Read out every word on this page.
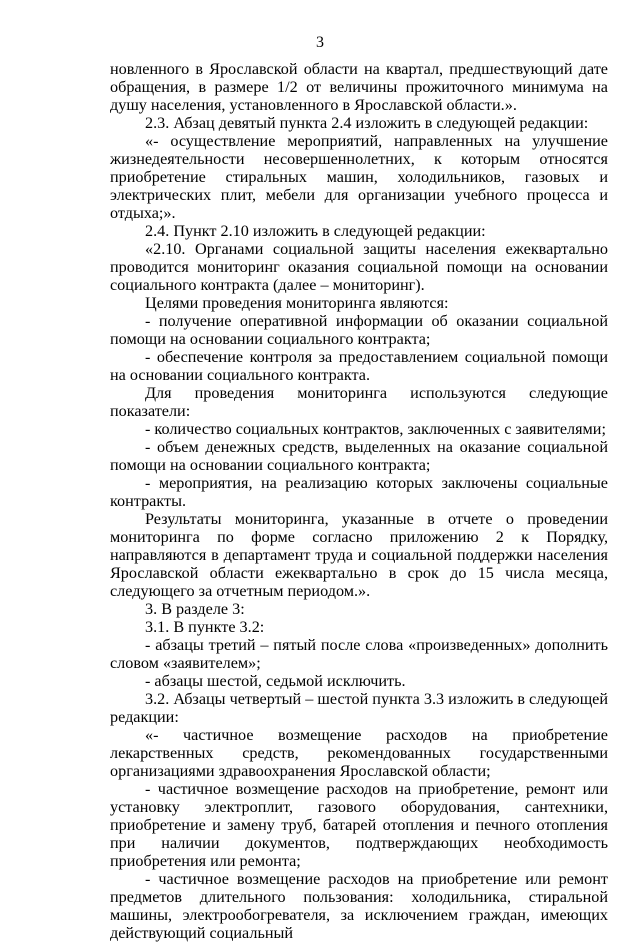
3

новленного в Ярославской области на квартал, предшествующий дате обращения, в размере 1/2 от величины прожиточного минимума на душу населения, установленного в Ярославской области.».

2.3. Абзац девятый пункта 2.4 изложить в следующей редакции:

«- осуществление мероприятий, направленных на улучшение жизнедеятельности несовершеннолетних, к которым относятся приобретение стиральных машин, холодильников, газовых и электрических плит, мебели для организации учебного процесса и отдыха;».

2.4. Пункт 2.10 изложить в следующей редакции:

«2.10. Органами социальной защиты населения ежеквартально проводится мониторинг оказания социальной помощи на основании социального контракта (далее – мониторинг).

Целями проведения мониторинга являются:

- получение оперативной информации об оказании социальной помощи на основании социального контракта;

- обеспечение контроля за предоставлением социальной помощи на основании социального контракта.

Для проведения мониторинга используются следующие показатели:

- количество социальных контрактов, заключенных с заявителями;

- объем денежных средств, выделенных на оказание социальной помощи на основании социального контракта;

- мероприятия, на реализацию которых заключены социальные контракты.

Результаты мониторинга, указанные в отчете о проведении мониторинга по форме согласно приложению 2 к Порядку, направляются в департамент труда и социальной поддержки населения Ярославской области ежеквартально в срок до 15 числа месяца, следующего за отчетным периодом.».

3. В разделе 3:

3.1. В пункте 3.2:

- абзацы третий – пятый после слова «произведенных» дополнить словом «заявителем»;

- абзацы шестой, седьмой исключить.

3.2. Абзацы четвертый – шестой пункта 3.3 изложить в следующей редакции:

«- частичное возмещение расходов на приобретение лекарственных средств, рекомендованных государственными организациями здравоохранения Ярославской области;

- частичное возмещение расходов на приобретение, ремонт или установку электроплит, газового оборудования, сантехники, приобретение и замену труб, батарей отопления и печного отопления при наличии документов, подтверждающих необходимость приобретения или ремонта;

- частичное возмещение расходов на приобретение или ремонт предметов длительного пользования: холодильника, стиральной машины, электрообогревателя, за исключением граждан, имеющих действующий социальный
